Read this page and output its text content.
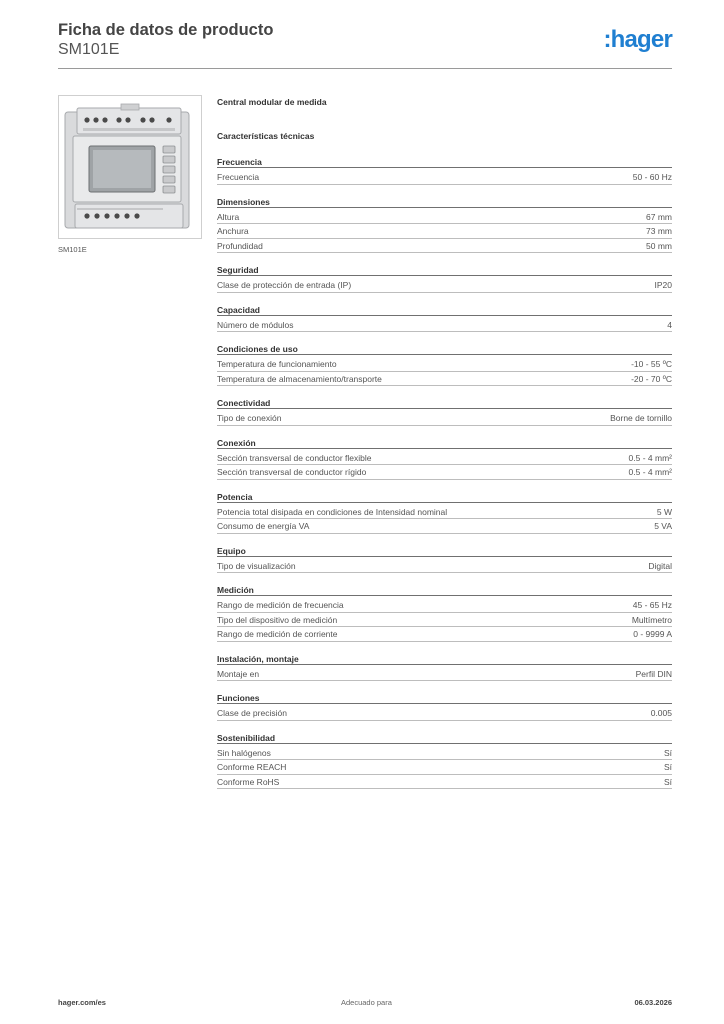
Ficha de datos de producto
SM101E	:hager
SM101E
Central modular de medida
Características técnicas
Frecuencia
Frecuencia	50 - 60 Hz
Dimensiones
Altura	67 mm
Anchura	73 mm
Profundidad	50 mm
Seguridad
Clase de protección de entrada (IP)	IP20
Capacidad
Número de módulos	4
Condiciones de uso
Temperatura de funcionamiento	-10 - 55 ºC
Temperatura de almacenamiento/transporte	-20 - 70 ºC
Conectividad
Tipo de conexión	Borne de tornillo
Conexión
Sección transversal de conductor flexible	0.5 - 4 mm²
Sección transversal de conductor rígido	0.5 - 4 mm²
Potencia
Potencia total disipada en condiciones de Intensidad nominal	5 W
Consumo de energía VA	5 VA
Equipo
Tipo de visualización	Digital
Medición
Rango de medición de frecuencia	45 - 65 Hz
Tipo del dispositivo de medición	Multímetro
Rango de medición de corriente	0 - 9999 A
Instalación, montaje
Montaje en	Perfil DIN
Funciones
Clase de precisión	0.005
Sostenibilidad
Sin halógenos	Sí
Conforme REACH	Sí
Conforme RoHS	Sí
hager.com/es	Adecuado para	06.03.2026
